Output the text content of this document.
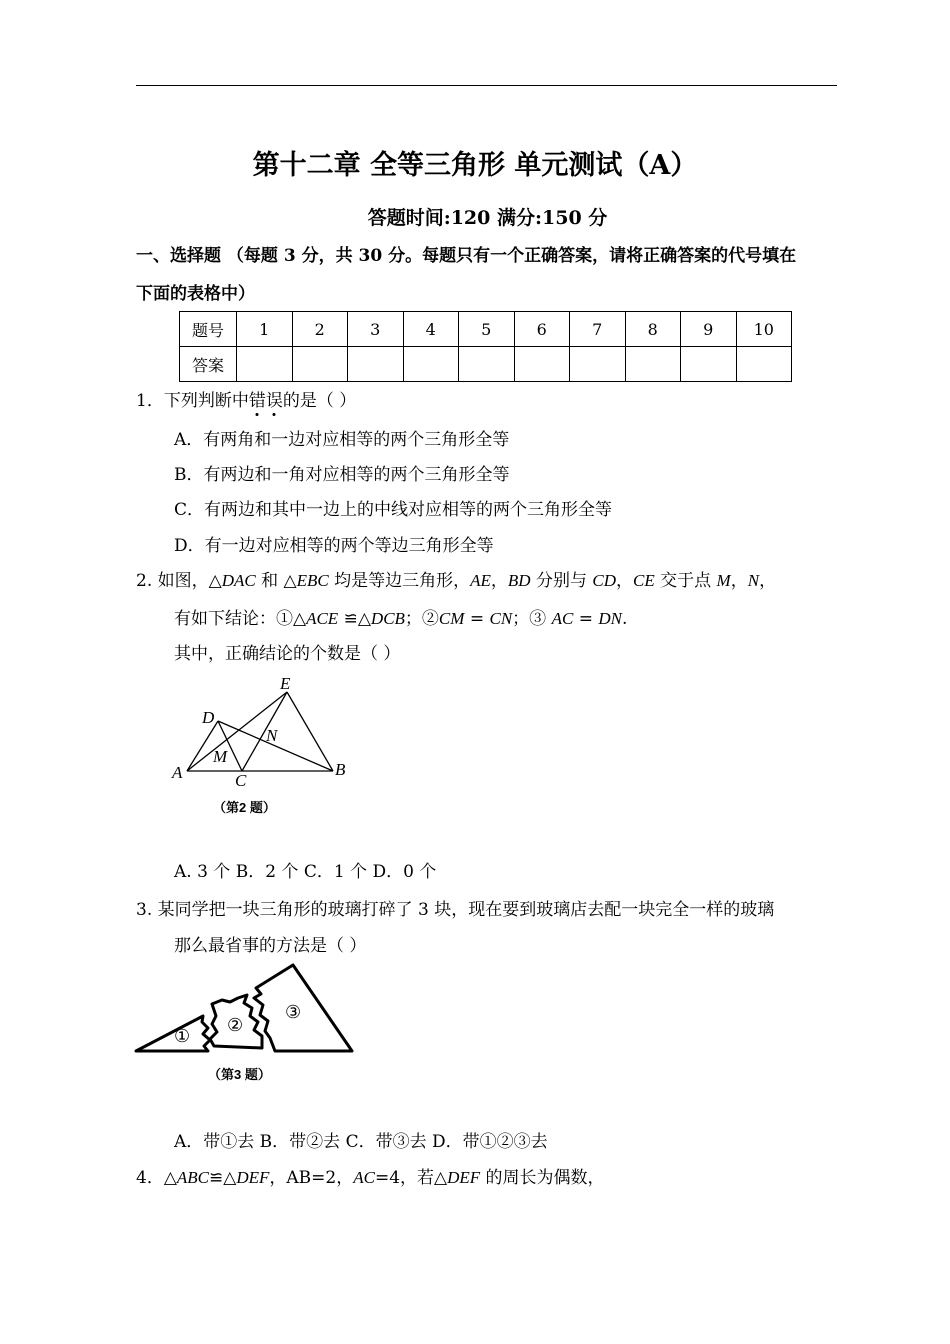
第十二章 全等三角形 单元测试（A）
答题时间:120 满分:150 分
一、选择题 （每题 3 分，共 30 分。每题只有一个正确答案，请将正确答案的代号填在
下面的表格中）
题号	1	2	3	4	5	6	7	8	9	10
答案										
1．下列判断中错
误
的是（ ）
A．有两角和一边对应相等的两个三角形全等
B．有两边和一角对应相等的两个三角形全等
C．有两边和其中一边上的中线对应相等的两个三角形全等
D．有一边对应相等的两个等边三角形全等
2. 如图，△DAC 和 △EBC 均是等边三角形，AE，BD 分别与 CD，CE 交于点 M，N，
有如下结论：①△ACE ≌△DCB；②CM = CN；③ AC = DN.
其中，正确结论的个数是（ ）
E
D
N
M
A	C
B
（第2 题）
A. 3 个 B．2 个 C．1 个 D．0 个
3. 某同学把一块三角形的玻璃打碎了 3 块，现在要到玻璃店去配一块完全一样的玻璃
那么最省事的方法是（ ）
①
②
③
（第3 题）
A．带①去 B．带②去 C．带③去 D．带①②③去
4．△ABC≌△DEF，AB=2，AC=4，若△DEF 的周长为偶数，
